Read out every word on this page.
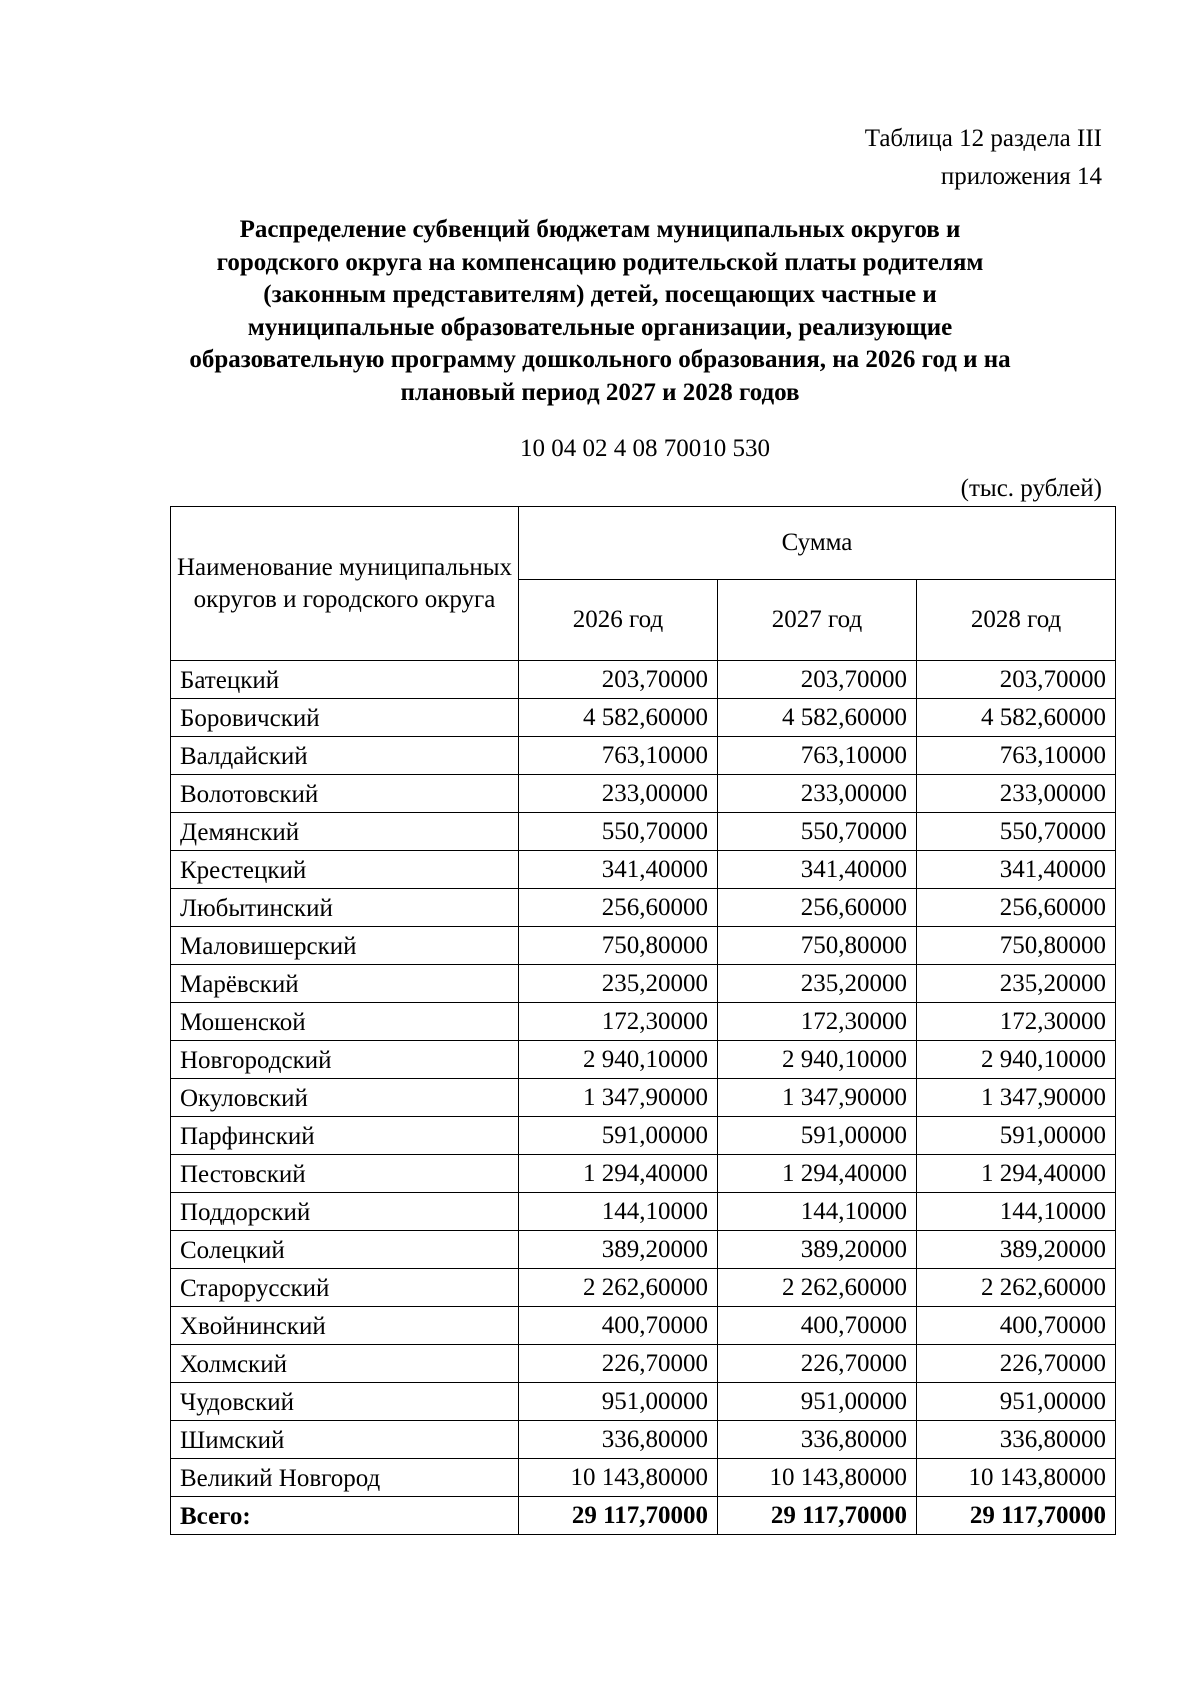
Таблица 12 раздела III
приложения 14
Распределение субвенций бюджетам муниципальных округов и городского округа на компенсацию родительской платы родителям (законным представителям) детей, посещающих частные и муниципальные образовательные организации, реализующие образовательную программу дошкольного образования, на 2026 год и на плановый период 2027 и 2028 годов
10 04 02 4 08 70010 530
(тыс. рублей)
Наименование муниципальных округов и городского округа	Сумма		
	2026 год	2027 год	2028 год
Батецкий	203,70000	203,70000	203,70000
Боровичский	4 582,60000	4 582,60000	4 582,60000
Валдайский	763,10000	763,10000	763,10000
Волотовский	233,00000	233,00000	233,00000
Демянский	550,70000	550,70000	550,70000
Крестецкий	341,40000	341,40000	341,40000
Любытинский	256,60000	256,60000	256,60000
Маловишерский	750,80000	750,80000	750,80000
Марёвский	235,20000	235,20000	235,20000
Мошенской	172,30000	172,30000	172,30000
Новгородский	2 940,10000	2 940,10000	2 940,10000
Окуловский	1 347,90000	1 347,90000	1 347,90000
Парфинский	591,00000	591,00000	591,00000
Пестовский	1 294,40000	1 294,40000	1 294,40000
Поддорский	144,10000	144,10000	144,10000
Солецкий	389,20000	389,20000	389,20000
Старорусский	2 262,60000	2 262,60000	2 262,60000
Хвойнинский	400,70000	400,70000	400,70000
Холмский	226,70000	226,70000	226,70000
Чудовский	951,00000	951,00000	951,00000
Шимский	336,80000	336,80000	336,80000
Великий Новгород	10 143,80000	10 143,80000	10 143,80000
Всего:	29 117,70000	29 117,70000	29 117,70000
